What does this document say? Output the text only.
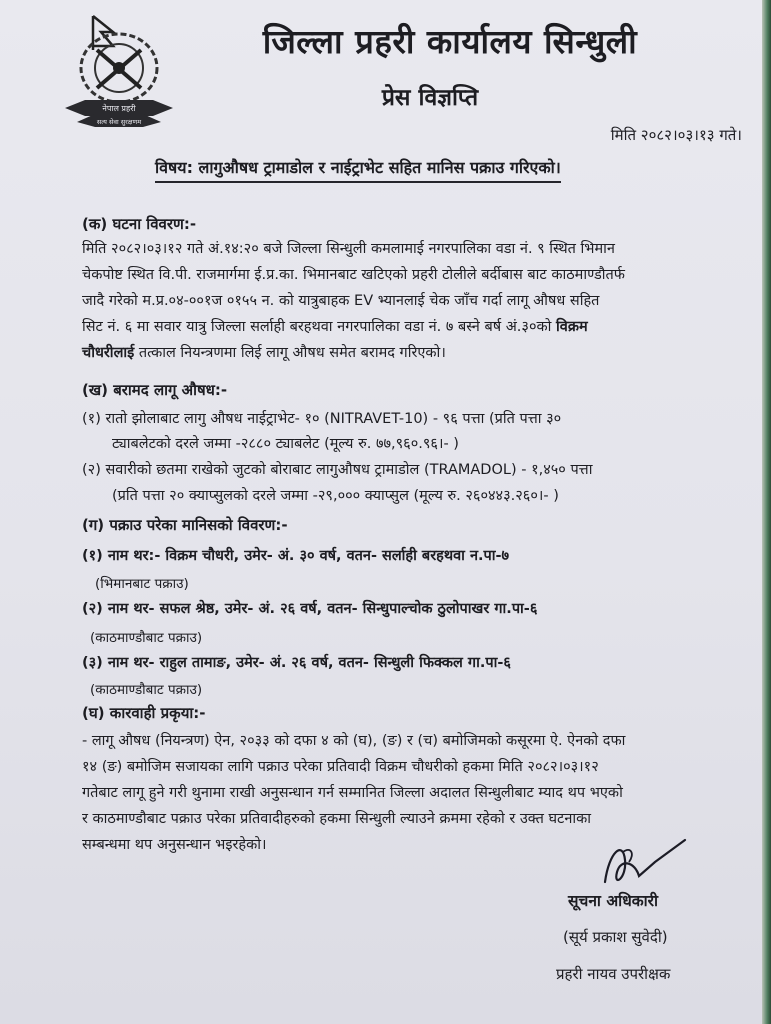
नेपाल प्रहरी
सत्य सेवा सुरक्षणम
जिल्ला प्रहरी कार्यालय सिन्धुली
प्रेस विज्ञप्ति
मिति २०८२।०३।१३ गते।
विषय: लागुऔषध ट्रामाडोल र नाईट्राभेट सहित मानिस पक्राउ गरिएको।
(क) घटना विवरण:-
मिति २०८२।०३।१२ गते अं.१४:२० बजे जिल्ला सिन्धुली कमलामाई नगरपालिका वडा नं. ९ स्थित भिमान
चेकपोष्ट स्थित वि.पी. राजमार्गमा ई.प्र.का. भिमानबाट खटिएको प्रहरी टोलीले बर्दीबास बाट काठमाण्डौतर्फ
जादै गरेको म.प्र.०४-००१ज ०१५५ न. को यात्रुबाहक EV भ्यानलाई चेक जाँच गर्दा लागू औषध सहित
सिट नं. ६ मा सवार यात्रु जिल्ला सर्लाही बरहथवा नगरपालिका वडा नं. ७ बस्ने बर्ष अं.३०को विक्रम
चौधरीलाई तत्काल नियन्त्रणमा लिई लागू औषध समेत बरामद गरिएको।
(ख) बरामद लागू औषध:-
(१) रातो झोलाबाट लागु औषध नाईट्राभेट- १० (NITRAVET-10) - ९६ पत्ता (प्रति पत्ता ३०
ट्याबलेटको दरले जम्मा -२८८० ट्याबलेट (मूल्य रु. ७७,९६०.९६।- )
(२) सवारीको छतमा राखेको जुटको बोराबाट लागुऔषध ट्रामाडोल (TRAMADOL) - १,४५० पत्ता
(प्रति पत्ता २० क्याप्सुलको दरले जम्मा -२९,००० क्याप्सुल (मूल्य रु. २६०४४३.२६०।- )
(ग) पक्राउ परेका मानिसको विवरण:-
(१) नाम थर:- विक्रम चौधरी, उमेर- अं. ३० वर्ष, वतन- सर्लाही बरहथवा न.पा-७
(भिमानबाट पक्राउ)
(२) नाम थर- सफल श्रेष्ठ, उमेर- अं. २६ वर्ष, वतन- सिन्धुपाल्चोक ठुलोपाखर गा.पा-६
(काठमाण्डौबाट पक्राउ)
(३) नाम थर- राहुल तामाङ, उमेर- अं. २६ वर्ष, वतन- सिन्धुली फिक्कल गा.पा-६
(काठमाण्डौबाट पक्राउ)
(घ) कारवाही प्रकृया:-
- लागू औषध (नियन्त्रण) ऐन, २०३३ को दफा ४ को (घ), (ङ) र (च) बमोजिमको कसूरमा ऐ. ऐनको दफा
१४ (ङ) बमोजिम सजायका लागि पक्राउ परेका प्रतिवादी विक्रम चौधरीको हकमा मिति २०८२।०३।१२
गतेबाट लागू हुने गरी थुनामा राखी अनुसन्धान गर्न सम्मानित जिल्ला अदालत सिन्धुलीबाट म्याद थप भएको
र काठमाण्डौबाट पक्राउ परेका प्रतिवादीहरुको हकमा सिन्धुली ल्याउने क्रममा रहेको र उक्त घटनाका
सम्बन्धमा थप अनुसन्धान भइरहेको।
सूचना अधिकारी
(सूर्य प्रकाश सुवेदी)
प्रहरी नायव उपरीक्षक
